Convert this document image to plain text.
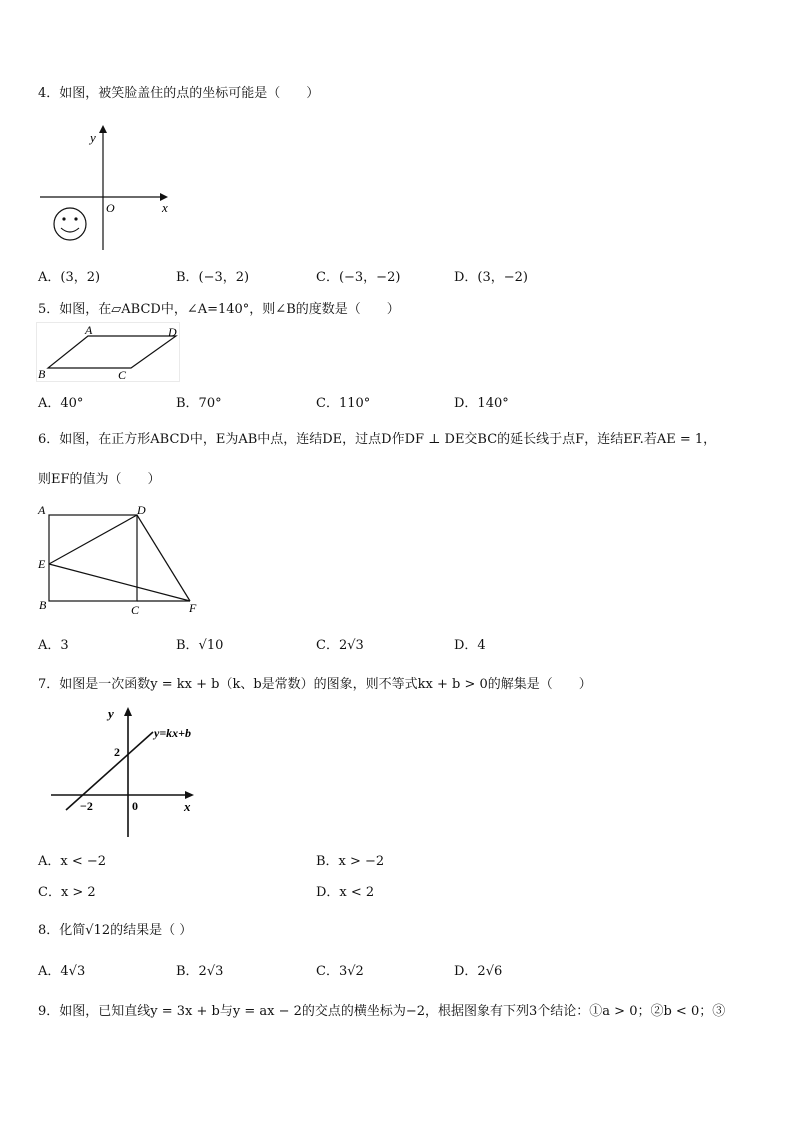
4．如图，被笑脸盖住的点的坐标可能是（　　）
y
x
O
A．(3，2)	B．(−3，2)	C．(−3，−2)	D．(3，−2)
5．如图，在▱ABCD中，∠A=140°，则∠B的度数是（　　）
A	D
B	C
A．40°	B．70°	C．110°	D．140°
6．如图，在正方形ABCD中，E为AB中点，连结DE，过点D作DF ⊥ DE交BC的延长线于点F，连结EF.若AE = 1，
则EF的值为（　　）
A	D
E
B	C	F
A．3	B．√10	C．2√3	D．4
7．如图是一次函数y = kx + b（k、b是常数）的图象，则不等式kx + b > 0的解集是（　　）
y
x
y=kx+b
2
−2	0
A．x < −2	B．x > −2
C．x > 2	D．x < 2
8．化简√12的结果是（ ）
A．4√3	B．2√3	C．3√2	D．2√6
9．如图，已知直线y = 3x + b与y = ax − 2的交点的横坐标为−2，根据图象有下列3个结论：①a > 0；②b < 0；③
